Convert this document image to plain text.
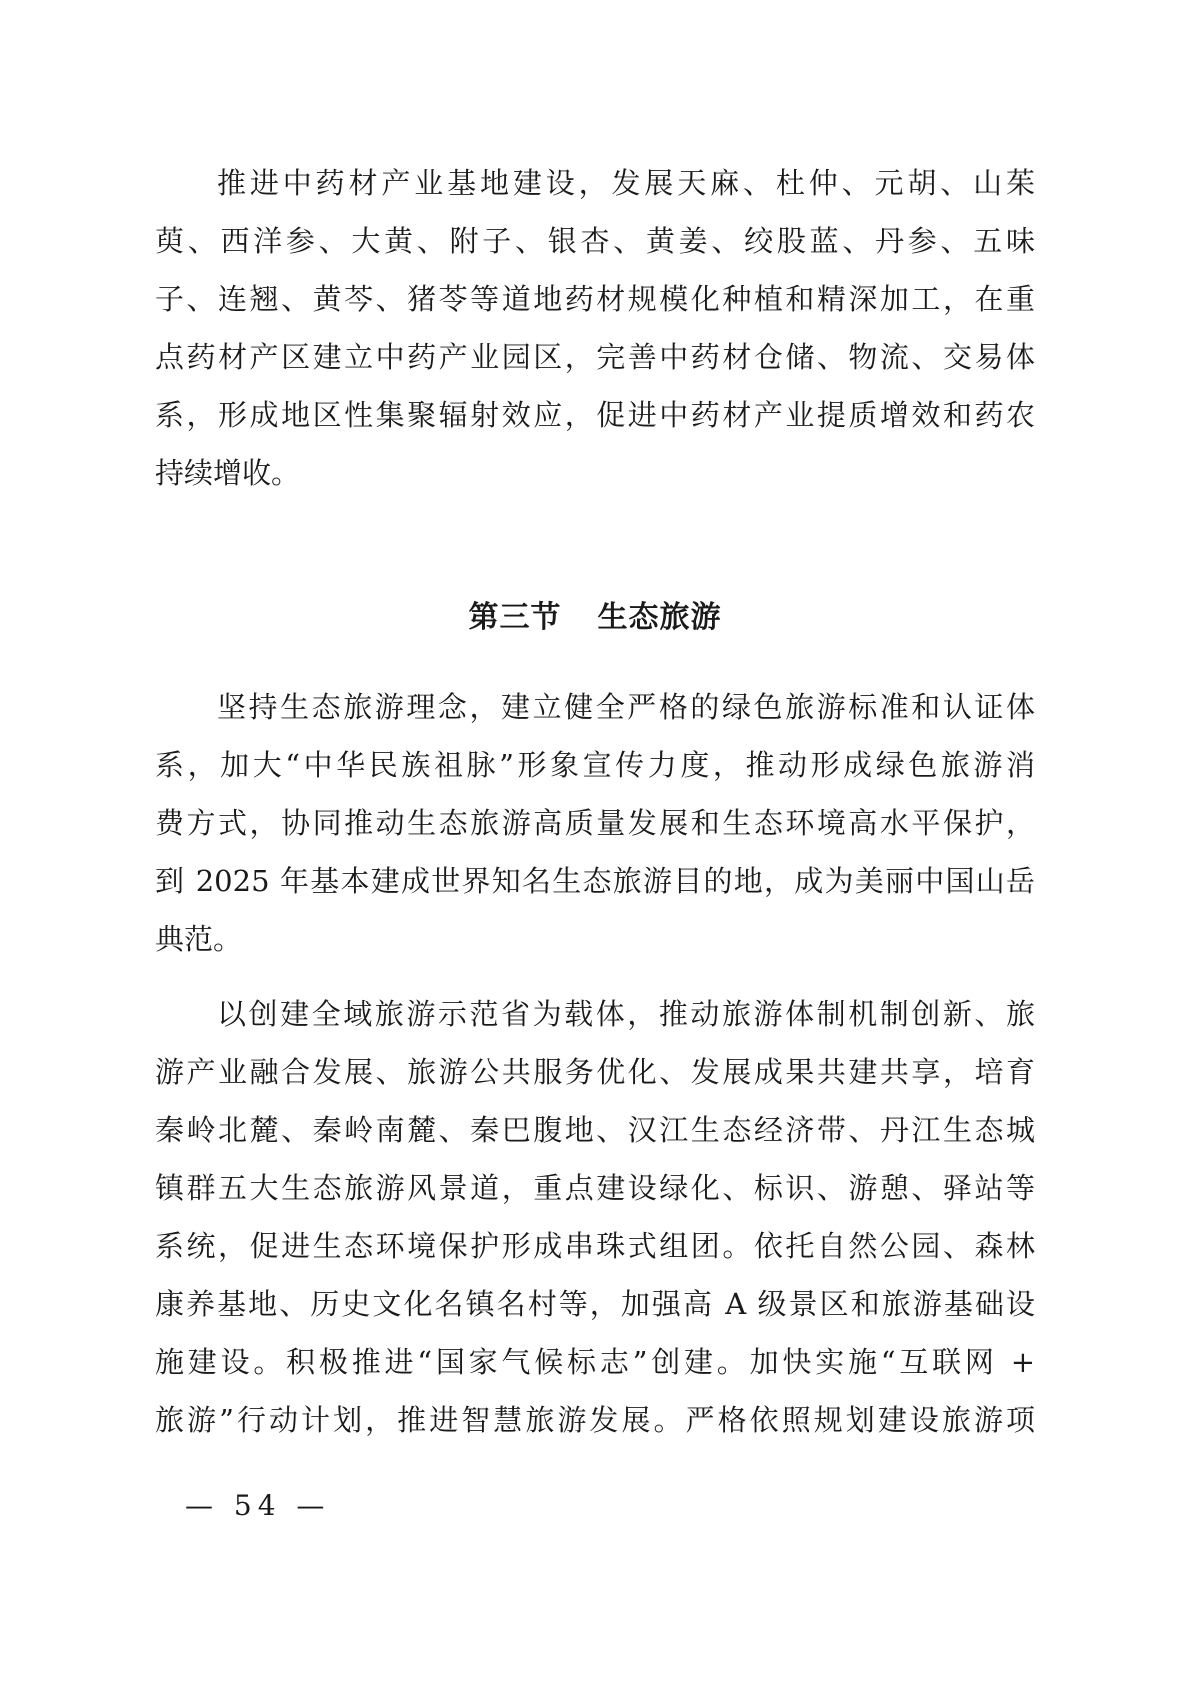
推进中药材产业基地建设，发展天麻、杜仲、元胡、山茱
萸、西洋参、大黄、附子、银杏、黄姜、绞股蓝、丹参、五味
子、连翘、黄芩、猪苓等道地药材规模化种植和精深加工，在重
点药材产区建立中药产业园区，完善中药材仓储、物流、交易体
系，形成地区性集聚辐射效应，促进中药材产业提质增效和药农
持续增收。
第三节 生态旅游
坚持生态旅游理念，建立健全严格的绿色旅游标准和认证体
系，加大“中华民族祖脉”形象宣传力度，推动形成绿色旅游消
费方式，协同推动生态旅游高质量发展和生态环境高水平保护，
到 2025 年基本建成世界知名生态旅游目的地，成为美丽中国山岳
典范。
以创建全域旅游示范省为载体，推动旅游体制机制创新、旅
游产业融合发展、旅游公共服务优化、发展成果共建共享，培育
秦岭北麓、秦岭南麓、秦巴腹地、汉江生态经济带、丹江生态城
镇群五大生态旅游风景道，重点建设绿化、标识、游憩、驿站等
系统，促进生态环境保护形成串珠式组团。依托自然公园、森林
康养基地、历史文化名镇名村等，加强高 A 级景区和旅游基础设
施建设。积极推进“国家气候标志”创建。加快实施“互联网 +
旅游”行动计划，推进智慧旅游发展。严格依照规划建设旅游项
— 54 —
